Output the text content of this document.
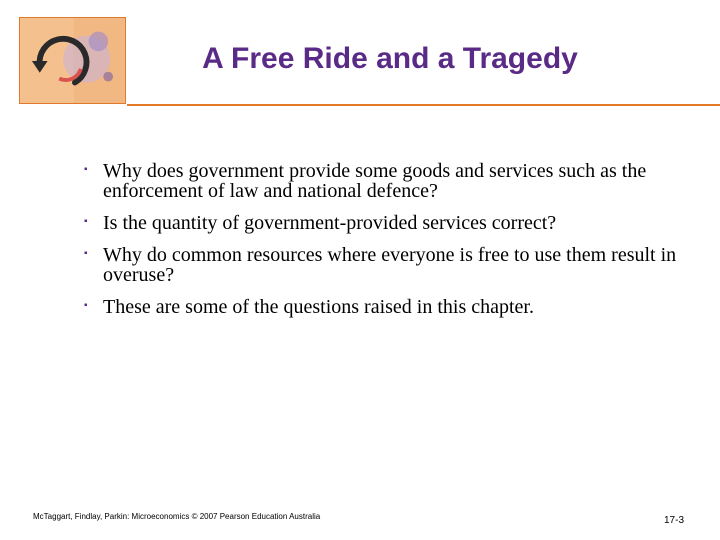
A Free Ride and a Tragedy
▪ Why does government provide some goods and services such as the enforcement of law and national defence?
▪ Is the quantity of government-provided services correct?
▪ Why do common resources where everyone is free to use them result in overuse?
▪ These are some of the questions raised in this chapter.
McTaggart, Findlay, Parkin: Microeconomics © 2007 Pearson Education Australia	17-3
